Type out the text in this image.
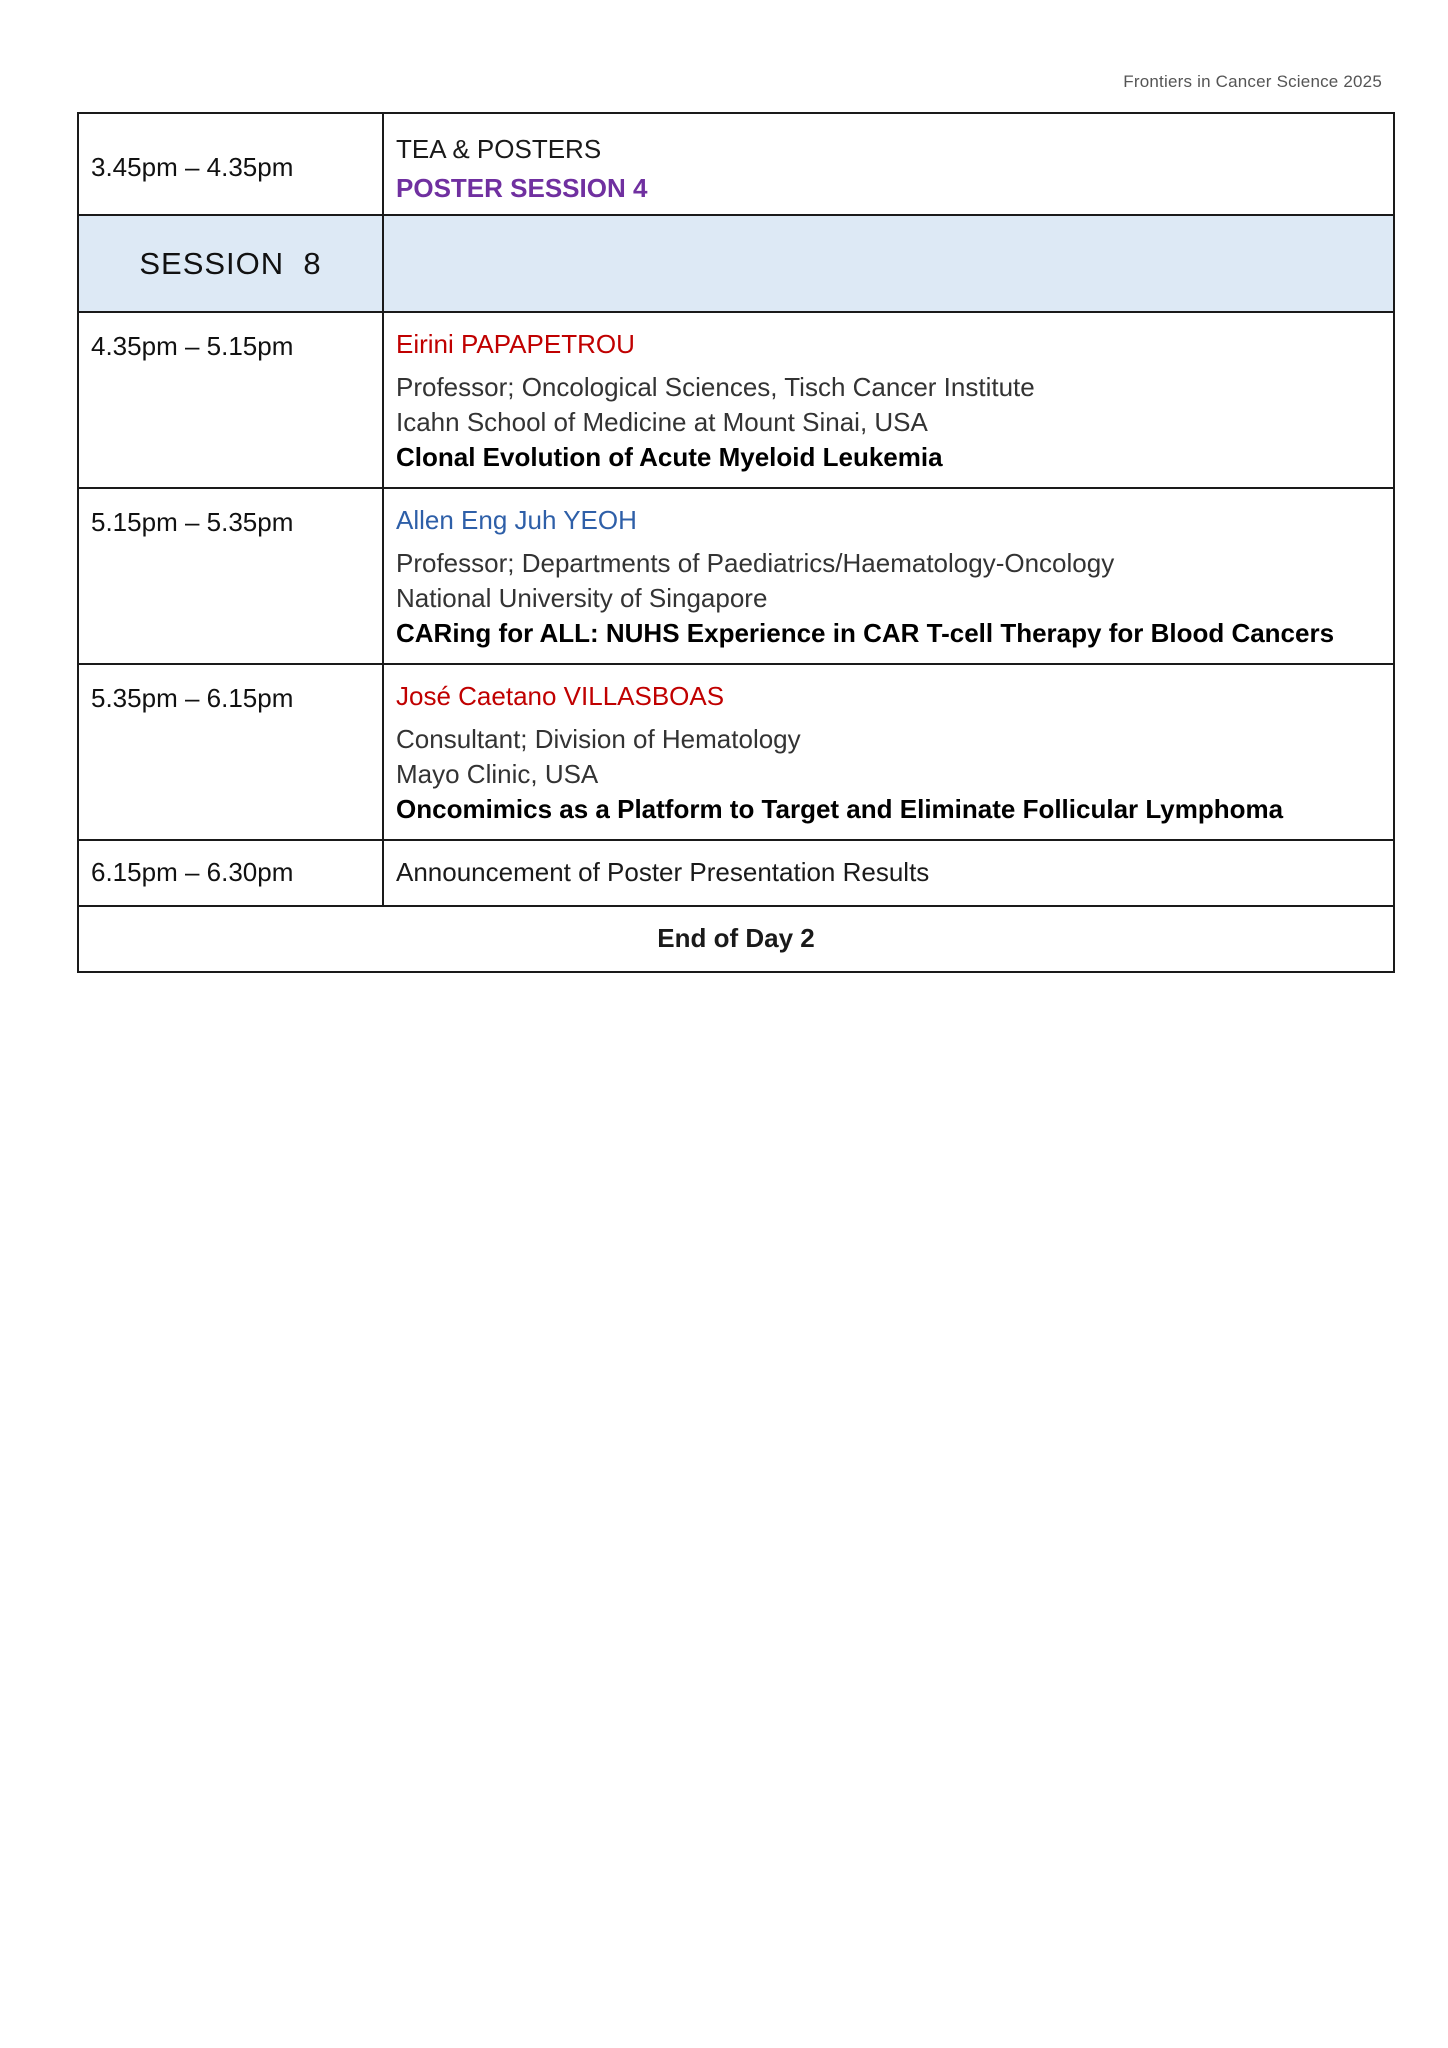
Frontiers in Cancer Science 2025
3.45pm – 4.35pm	TEA & POSTERS
POSTER SESSION 4

SESSION  8	
4.35pm – 5.15pm	Eirini PAPAPETROU
Professor; Oncological Sciences, Tisch Cancer Institute
Icahn School of Medicine at Mount Sinai, USA
Clonal Evolution of Acute Myeloid Leukemia

5.15pm – 5.35pm	Allen Eng Juh YEOH
Professor; Departments of Paediatrics/Haematology-Oncology
National University of Singapore
CARing for ALL: NUHS Experience in CAR T-cell Therapy for Blood Cancers

5.35pm – 6.15pm	José Caetano VILLASBOAS
Consultant; Division of Hematology
Mayo Clinic, USA
Oncomimics as a Platform to Target and Eliminate Follicular Lymphoma

6.15pm – 6.30pm	Announcement of Poster Presentation Results
End of Day 2	
